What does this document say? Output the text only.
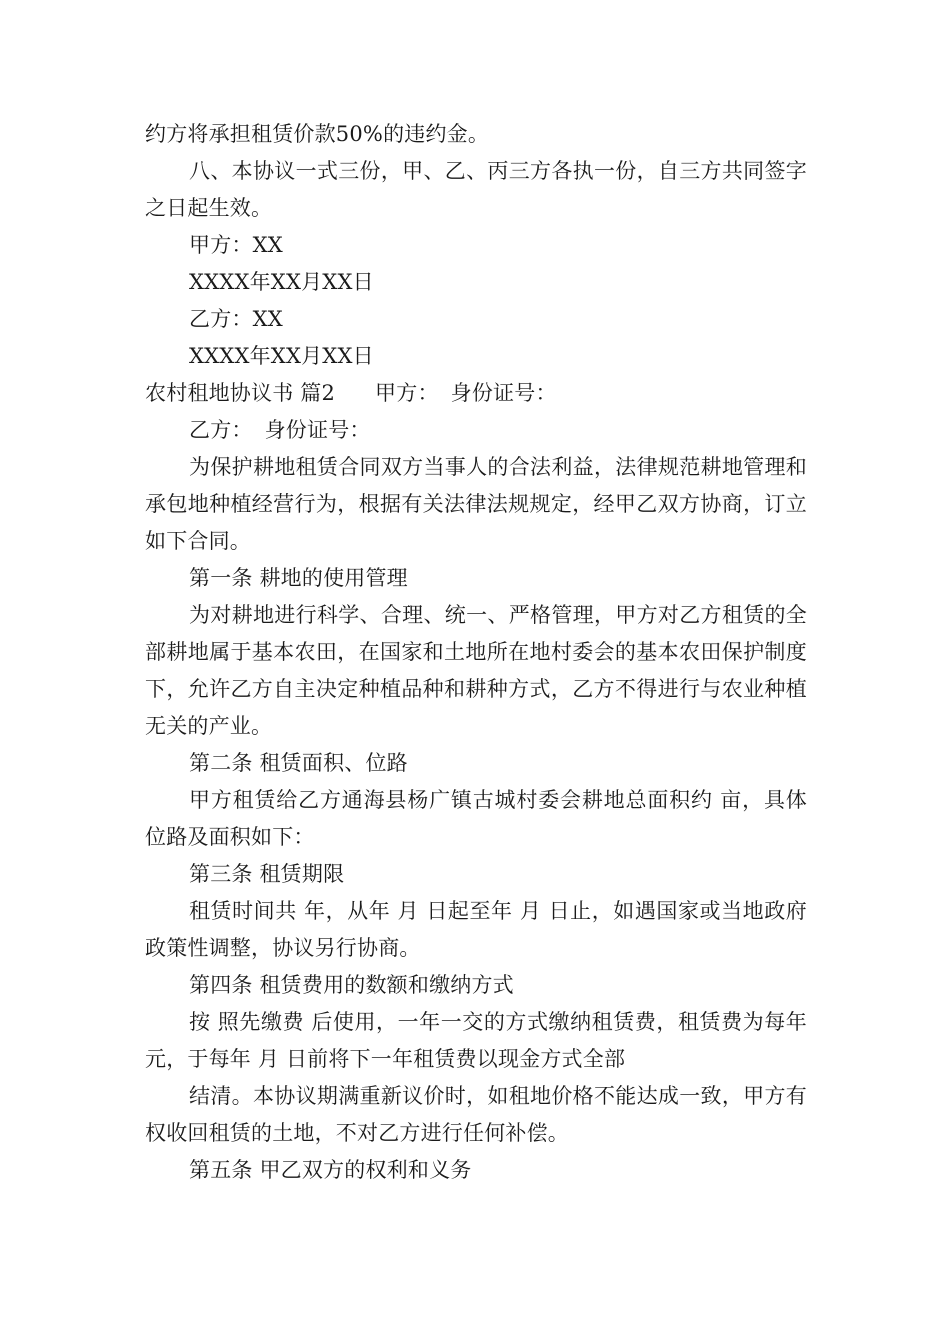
约方将承担租赁价款50%的违约金。

八、本协议一式三份，甲、乙、丙三方各执一份，自三方共同签字之日起生效。

甲方：XX

XXXX年XX月XX日

乙方：XX

XXXX年XX月XX日

农村租地协议书 篇2 甲方： 身份证号：

乙方： 身份证号：

为保护耕地租赁合同双方当事人的合法利益，法律规范耕地管理和承包地种植经营行为，根据有关法律法规规定，经甲乙双方协商，订立如下合同。

第一条 耕地的使用管理

为对耕地进行科学、合理、统一、严格管理，甲方对乙方租赁的全部耕地属于基本农田，在国家和土地所在地村委会的基本农田保护制度下，允许乙方自主决定种植品种和耕种方式，乙方不得进行与农业种植无关的产业。

第二条 租赁面积、位路

甲方租赁给乙方通海县杨广镇古城村委会耕地总面积约 亩，具体位路及面积如下：

第三条 租赁期限

租赁时间共 年，从年 月 日起至年 月 日止，如遇国家或当地政府政策性调整，协议另行协商。

第四条 租赁费用的数额和缴纳方式

按 照先缴费 后使用，一年一交的方式缴纳租赁费，租赁费为每年元，于每年 月 日前将下一年租赁费以现金方式全部

结清。本协议期满重新议价时，如租地价格不能达成一致，甲方有权收回租赁的土地，不对乙方进行任何补偿。

第五条 甲乙双方的权利和义务
